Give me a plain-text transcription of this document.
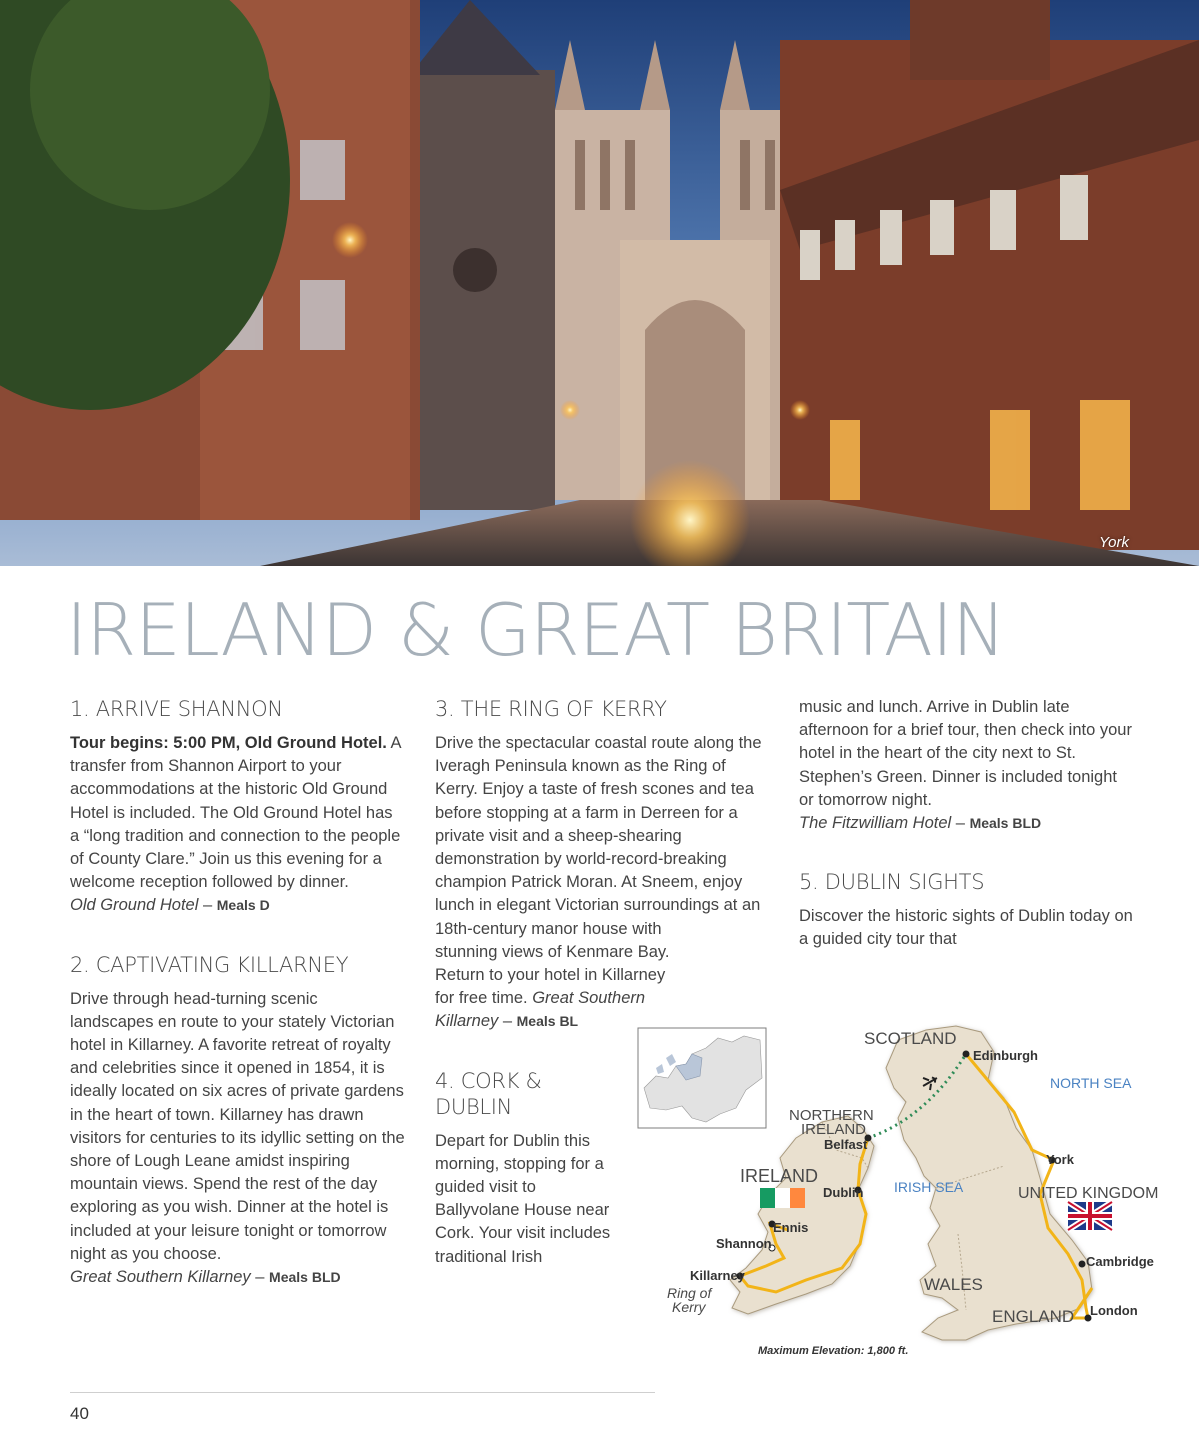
York
IRELAND & GREAT BRITAIN
1. ARRIVE SHANNON

Tour begins: 5:00 PM, Old Ground Hotel. A transfer from Shannon Airport to your accommodations at the historic Old Ground Hotel is included. The Old Ground Hotel has a “long tradition and connection to the people of County Clare.” Join us this evening for a welcome reception followed by dinner.
Old Ground Hotel – Meals D

2. CAPTIVATING KILLARNEY

Drive through head-turning scenic landscapes en route to your stately Victorian hotel in Killarney. A favorite retreat of royalty and celebrities since it opened in 1854, it is ideally located on six acres of private gardens in the heart of town. Killarney has drawn visitors for centuries to its idyllic setting on the shore of Lough Leane amidst inspiring mountain views. Spend the rest of the day exploring as you wish. Dinner at the hotel is included at your leisure tonight or tomorrow night as you choose.
Great Southern Killarney – Meals BLD

3. THE RING OF KERRY

Drive the spectacular coastal route along the Iveragh Peninsula known as the Ring of Kerry. Enjoy a taste of fresh scones and tea before stopping at a farm in Derreen for a private visit and a sheep-shearing demonstration by world-record-breaking champion Patrick Moran. At Sneem, enjoy lunch in elegant Victorian surroundings at an 18th-century manor house with

stunning views of Kenmare Bay. Return to your hotel in Killarney for free time. Great Southern Killarney – Meals BL

4. CORK & DUBLIN

Depart for Dublin this morning, stopping for a guided visit to Ballyvolane House near Cork. Your visit includes traditional Irish

music and lunch. Arrive in Dublin late afternoon for a brief tour, then check into your hotel in the heart of the city next to St. Stephen’s Green. Dinner is included tonight or tomorrow night.
The Fitzwilliam Hotel – Meals BLD

5. DUBLIN SIGHTS

Discover the historic sights of Dublin today on a guided city tour that

SCOTLAND
Edinburgh
NORTH SEA
NORTHERN
IRELAND
Belfast
IRELAND
Dublin IRISH SEA
York
UNITED KINGDOM
Ennis
Shannon
Killarney
Ring of
Kerry
Cambridge
WALES
ENGLAND London
Maximum Elevation: 1,800 ft.
40
